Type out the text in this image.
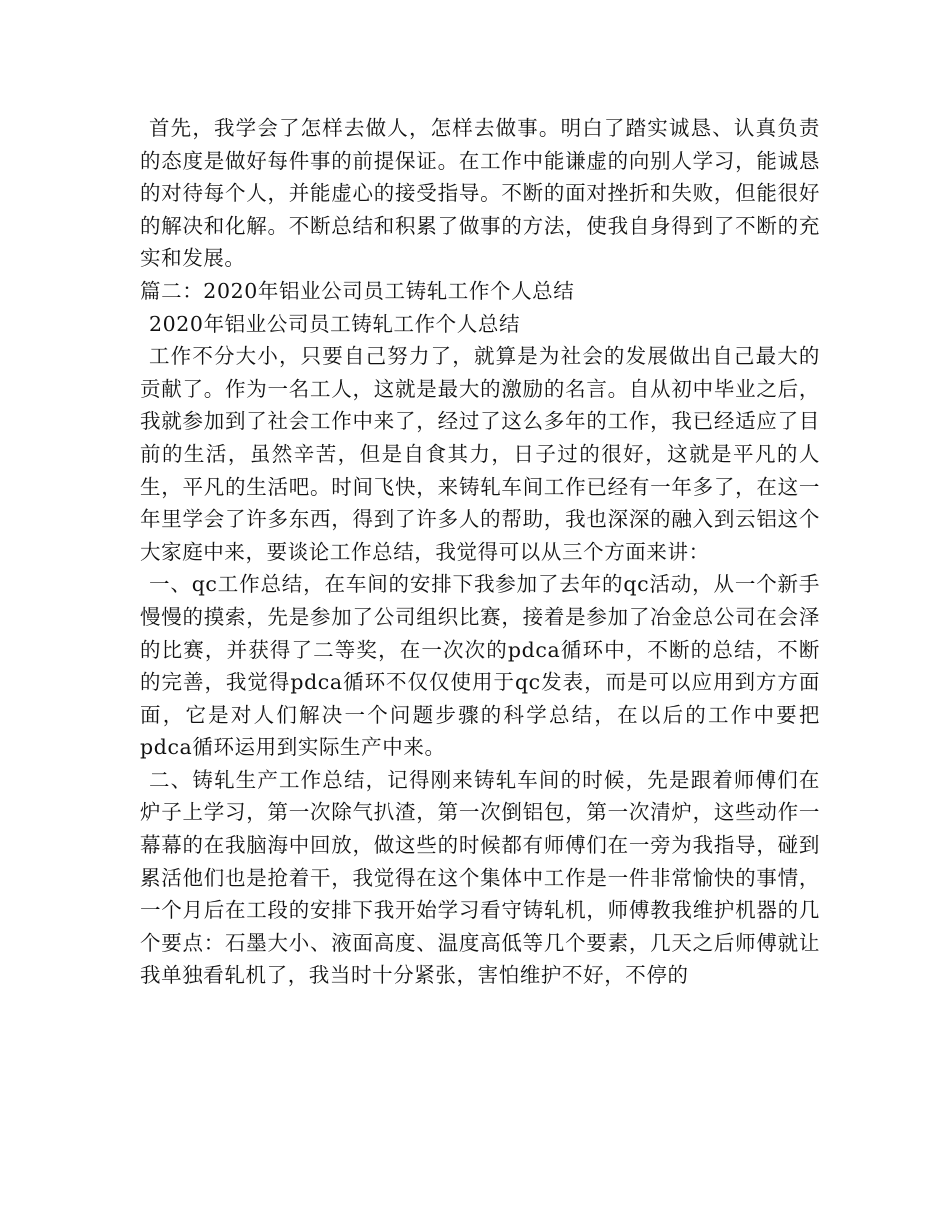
首先，我学会了怎样去做人，怎样去做事。明白了踏实诚恳、认真负责的态度是做好每件事的前提保证。在工作中能谦虚的向别人学习，能诚恳的对待每个人，并能虚心的接受指导。不断的面对挫折和失败，但能很好的解决和化解。不断总结和积累了做事的方法，使我自身得到了不断的充实和发展。

篇二：2020年铝业公司员工铸轧工作个人总结

2020年铝业公司员工铸轧工作个人总结

工作不分大小，只要自己努力了，就算是为社会的发展做出自己最大的贡献了。作为一名工人，这就是最大的激励的名言。自从初中毕业之后，我就参加到了社会工作中来了，经过了这么多年的工作，我已经适应了目前的生活，虽然辛苦，但是自食其力，日子过的很好，这就是平凡的人生，平凡的生活吧。时间飞快，来铸轧车间工作已经有一年多了，在这一年里学会了许多东西，得到了许多人的帮助，我也深深的融入到云铝这个大家庭中来，要谈论工作总结，我觉得可以从三个方面来讲：

一、qc工作总结，在车间的安排下我参加了去年的qc活动，从一个新手慢慢的摸索，先是参加了公司组织比赛，接着是参加了冶金总公司在会泽的比赛，并获得了二等奖，在一次次的pdca循环中，不断的总结，不断的完善，我觉得pdca循环不仅仅使用于qc发表，而是可以应用到方方面面，它是对人们解决一个问题步骤的科学总结，在以后的工作中要把pdca循环运用到实际生产中来。

二、铸轧生产工作总结，记得刚来铸轧车间的时候，先是跟着师傅们在炉子上学习，第一次除气扒渣，第一次倒铝包，第一次清炉，这些动作一幕幕的在我脑海中回放，做这些的时候都有师傅们在一旁为我指导，碰到累活他们也是抢着干，我觉得在这个集体中工作是一件非常愉快的事情，一个月后在工段的安排下我开始学习看守铸轧机，师傅教我维护机器的几个要点：石墨大小、液面高度、温度高低等几个要素，几天之后师傅就让我单独看轧机了，我当时十分紧张，害怕维护不好，不停的
